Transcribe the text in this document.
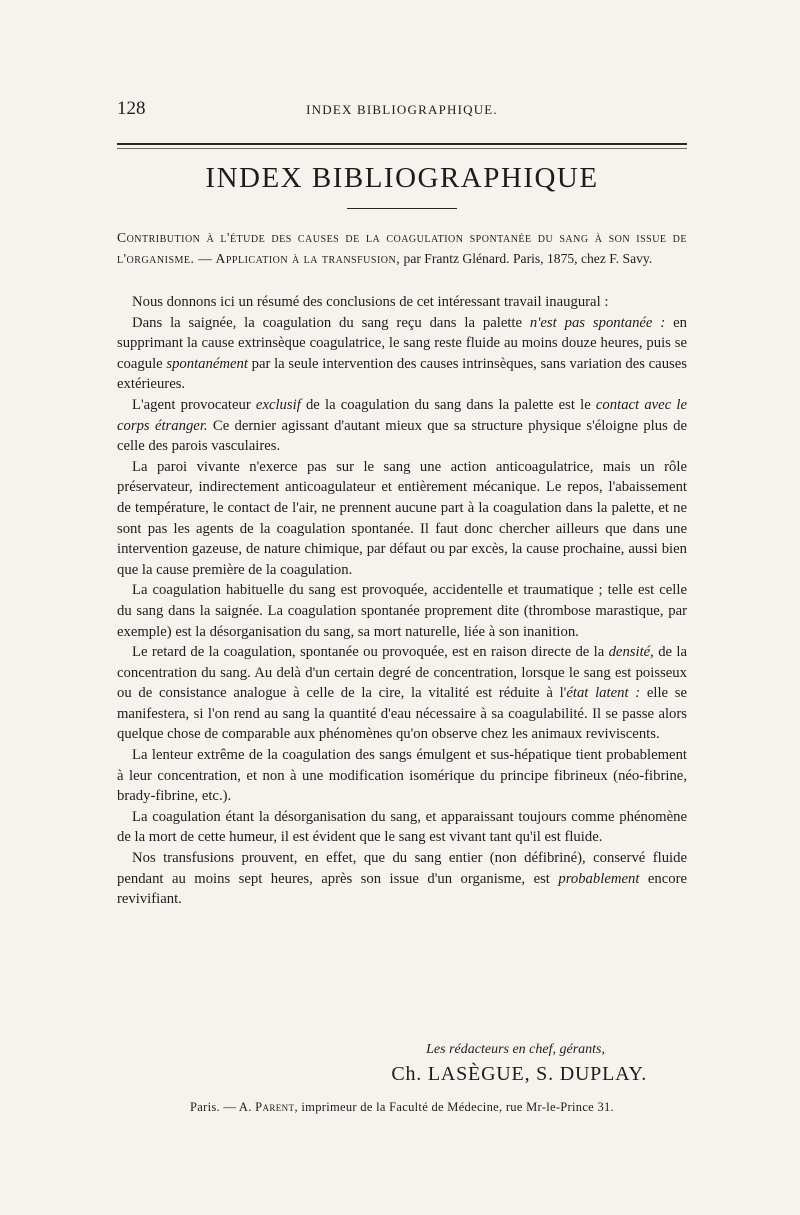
128	INDEX BIBLIOGRAPHIQUE.
INDEX BIBLIOGRAPHIQUE
Contribution à l'étude des causes de la coagulation spontanée du sang à son issue de l'organisme. — Application à la transfusion, par Frantz Glénard. Paris, 1875, chez F. Savy.

Nous donnons ici un résumé des conclusions de cet intéressant travail inaugural :

Dans la saignée, la coagulation du sang reçu dans la palette n'est pas spontanée : en supprimant la cause extrinsèque coagulatrice, le sang reste fluide au moins douze heures, puis se coagule spontanément par la seule intervention des causes intrinsèques, sans variation des causes extérieures.

L'agent provocateur exclusif de la coagulation du sang dans la palette est le contact avec le corps étranger. Ce dernier agissant d'autant mieux que sa structure physique s'éloigne plus de celle des parois vasculaires.

La paroi vivante n'exerce pas sur le sang une action anticoagulatrice, mais un rôle préservateur, indirectement anticoagulateur et entièrement mécanique. Le repos, l'abaissement de température, le contact de l'air, ne prennent aucune part à la coagulation dans la palette, et ne sont pas les agents de la coagulation spontanée. Il faut donc chercher ailleurs que dans une intervention gazeuse, de nature chimique, par défaut ou par excès, la cause prochaine, aussi bien que la cause première de la coagulation.

La coagulation habituelle du sang est provoquée, accidentelle et traumatique ; telle est celle du sang dans la saignée. La coagulation spontanée proprement dite (thrombose marastique, par exemple) est la désorganisation du sang, sa mort naturelle, liée à son inanition.

Le retard de la coagulation, spontanée ou provoquée, est en raison directe de la densité, de la concentration du sang. Au delà d'un certain degré de concentration, lorsque le sang est poisseux ou de consistance analogue à celle de la cire, la vitalité est réduite à l'état latent : elle se manifestera, si l'on rend au sang la quantité d'eau nécessaire à sa coagulabilité. Il se passe alors quelque chose de comparable aux phénomènes qu'on observe chez les animaux reviviscents.

La lenteur extrême de la coagulation des sangs émulgent et sus-hépatique tient probablement à leur concentration, et non à une modification isomérique du principe fibrineux (néo-fibrine, brady-fibrine, etc.).

La coagulation étant la désorganisation du sang, et apparaissant toujours comme phénomène de la mort de cette humeur, il est évident que le sang est vivant tant qu'il est fluide.

Nos transfusions prouvent, en effet, que du sang entier (non défibriné), conservé fluide pendant au moins sept heures, après son issue d'un organisme, est probablement encore revivifiant.

Les rédacteurs en chef, gérants,
Ch. LASÈGUE, S. DUPLAY.
Paris. — A. Parent, imprimeur de la Faculté de Médecine, rue Mr-le-Prince 31.
